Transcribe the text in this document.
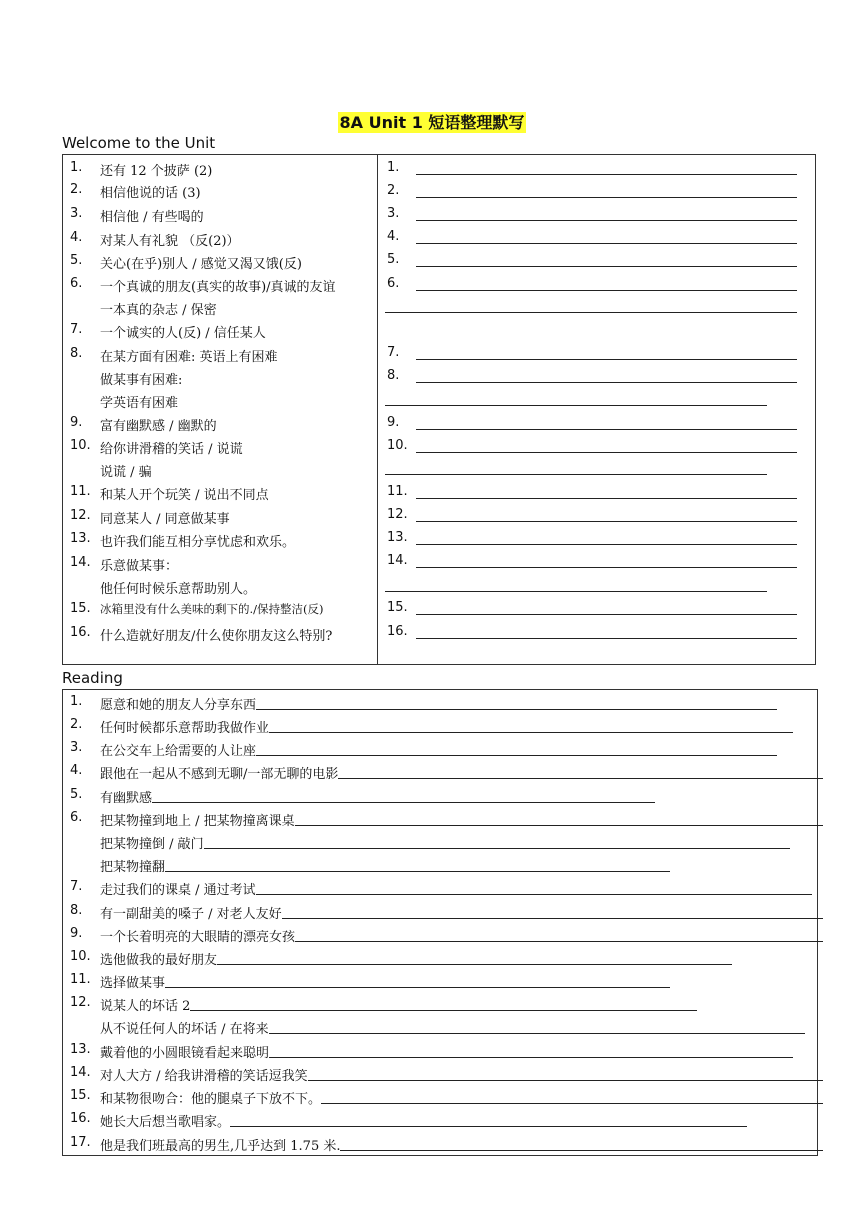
8A Unit 1 短语整理默写
Welcome to the Unit
1. 还有 12 个披萨 (2)
2. 相信他说的话 (3)
3. 相信他 / 有些喝的
4. 对某人有礼貌 （反(2)）
5. 关心(在乎)别人 / 感觉又渴又饿(反)
6. 一个真诚的朋友(真实的故事)/真诚的友谊
一本真的杂志 / 保密
7. 一个诚实的人(反) / 信任某人
8. 在某方面有困难: 英语上有困难
做某事有困难:
学英语有困难
9. 富有幽默感 / 幽默的
10. 给你讲滑稽的笑话 / 说谎
说谎 / 骗
11. 和某人开个玩笑 / 说出不同点
12. 同意某人 / 同意做某事
13. 也许我们能互相分享忧虑和欢乐。
14. 乐意做某事：
他任何时候乐意帮助别人。
15. 冰箱里没有什么美味的剩下的./保持整洁(反)
16. 什么造就好朋友/什么使你朋友这么特别?
1.
2.
3.
4.
5.
6.
7.
8.
9.
10.
11.
12.
13.
14.
15.
16.
Reading
1. 愿意和她的朋友人分享东西
2. 任何时候都乐意帮助我做作业
3. 在公交车上给需要的人让座
4. 跟他在一起从不感到无聊/一部无聊的电影
5. 有幽默感
6. 把某物撞到地上 / 把某物撞离课桌
把某物撞倒 / 敲门
把某物撞翻
7. 走过我们的课桌 / 通过考试
8. 有一副甜美的嗓子 / 对老人友好
9. 一个长着明亮的大眼睛的漂亮女孩
10. 选他做我的最好朋友
11. 选择做某事
12. 说某人的坏话 2
从不说任何人的坏话 / 在将来
13. 戴着他的小圆眼镜看起来聪明
14. 对人大方 / 给我讲滑稽的笑话逗我笑
15. 和某物很吻合：他的腿桌子下放不下。
16. 她长大后想当歌唱家。
17. 他是我们班最高的男生,几乎达到 1.75 米.
